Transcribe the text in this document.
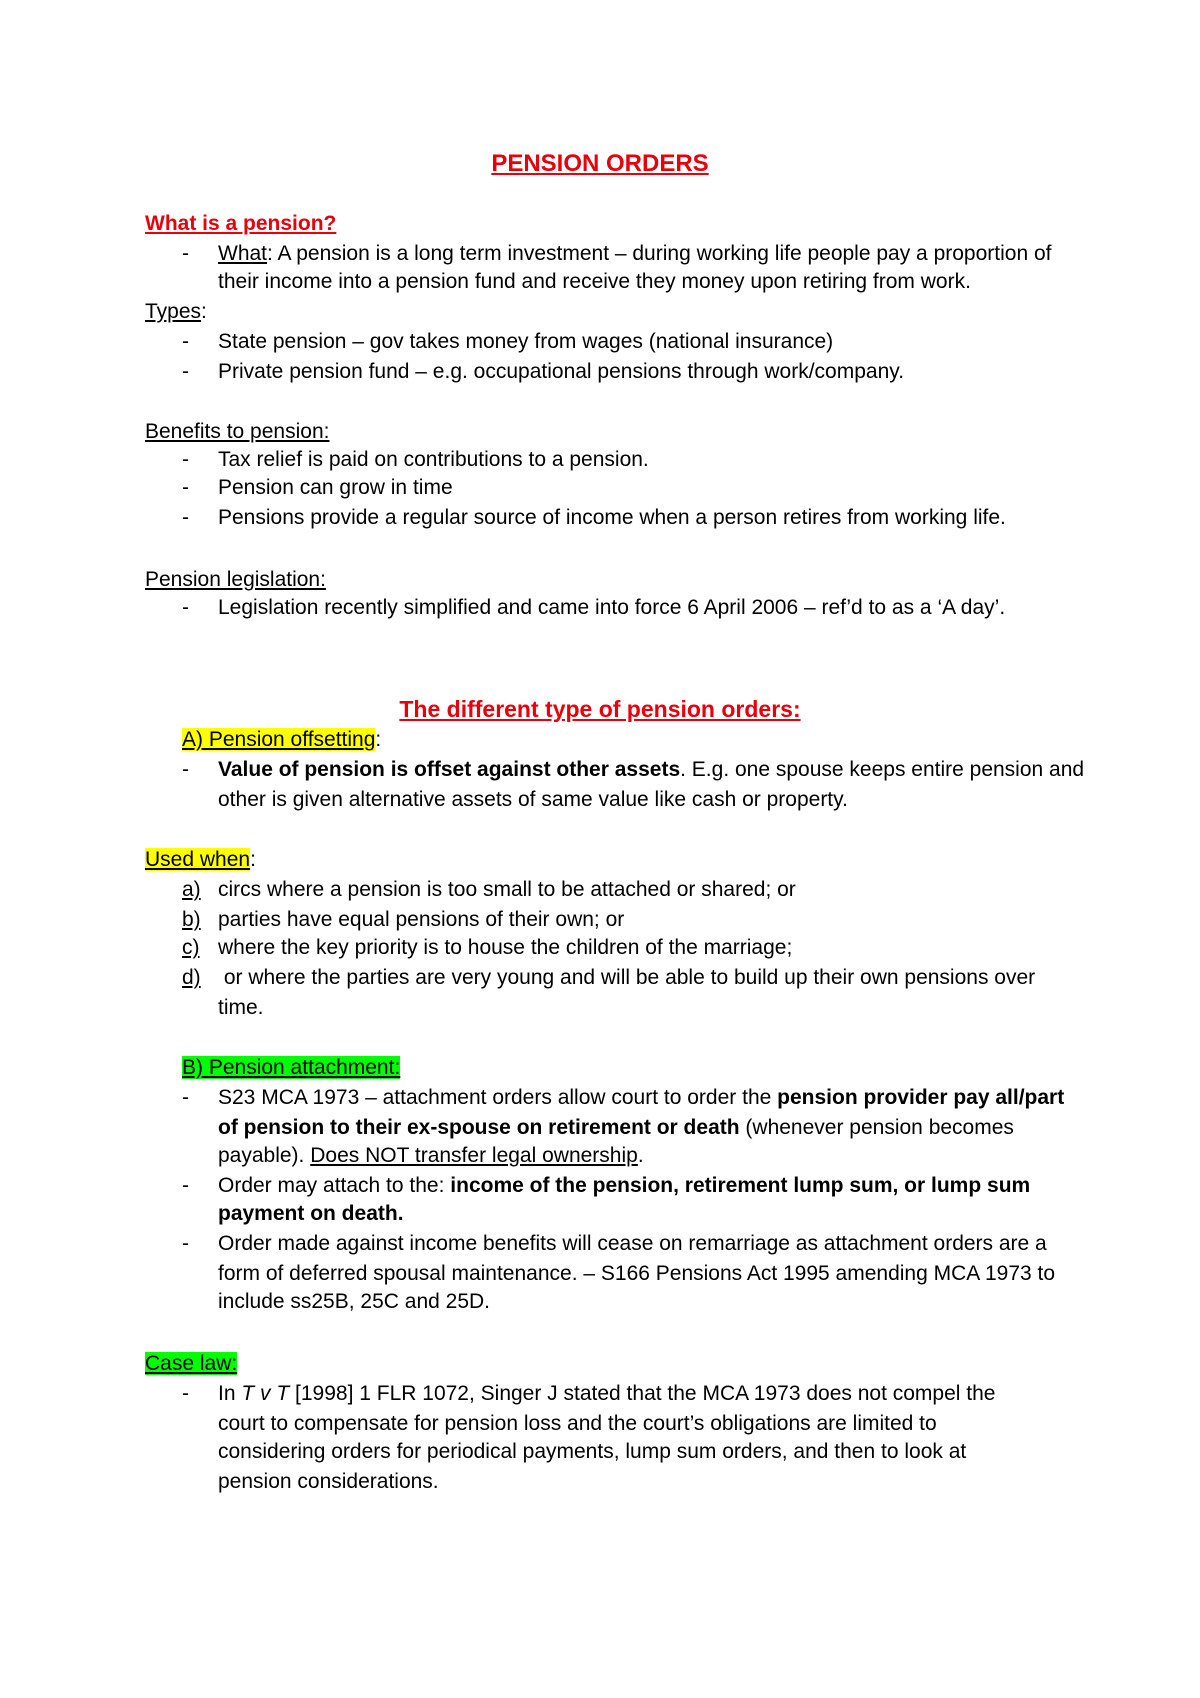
PENSION ORDERS
What is a pension?
- What: A pension is a long term investment – during working life people pay a proportion of
their income into a pension fund and receive they money upon retiring from work.
Types:
- State pension – gov takes money from wages (national insurance)
- Private pension fund – e.g. occupational pensions through work/company.
Benefits to pension:
- Tax relief is paid on contributions to a pension.
- Pension can grow in time
- Pensions provide a regular source of income when a person retires from working life.
Pension legislation:
- Legislation recently simplified and came into force 6 April 2006 – ref’d to as a ‘A day’.
The different type of pension orders:
A) Pension offsetting:
- Value of pension is offset against other assets. E.g. one spouse keeps entire pension and
other is given alternative assets of same value like cash or property.
Used when:
a) circs where a pension is too small to be attached or shared; or
b) parties have equal pensions of their own; or
c) where the key priority is to house the children of the marriage;
d) or where the parties are very young and will be able to build up their own pensions over
time.
B) Pension attachment:
- S23 MCA 1973 – attachment orders allow court to order the pension provider pay all/part
of pension to their ex-spouse on retirement or death (whenever pension becomes
payable). Does NOT transfer legal ownership.
- Order may attach to the: income of the pension, retirement lump sum, or lump sum
payment on death.
- Order made against income benefits will cease on remarriage as attachment orders are a
form of deferred spousal maintenance. – S166 Pensions Act 1995 amending MCA 1973 to
include ss25B, 25C and 25D.
Case law:
- In T v T [1998] 1 FLR 1072, Singer J stated that the MCA 1973 does not compel the
court to compensate for pension loss and the court’s obligations are limited to
considering orders for periodical payments, lump sum orders, and then to look at
pension considerations.
